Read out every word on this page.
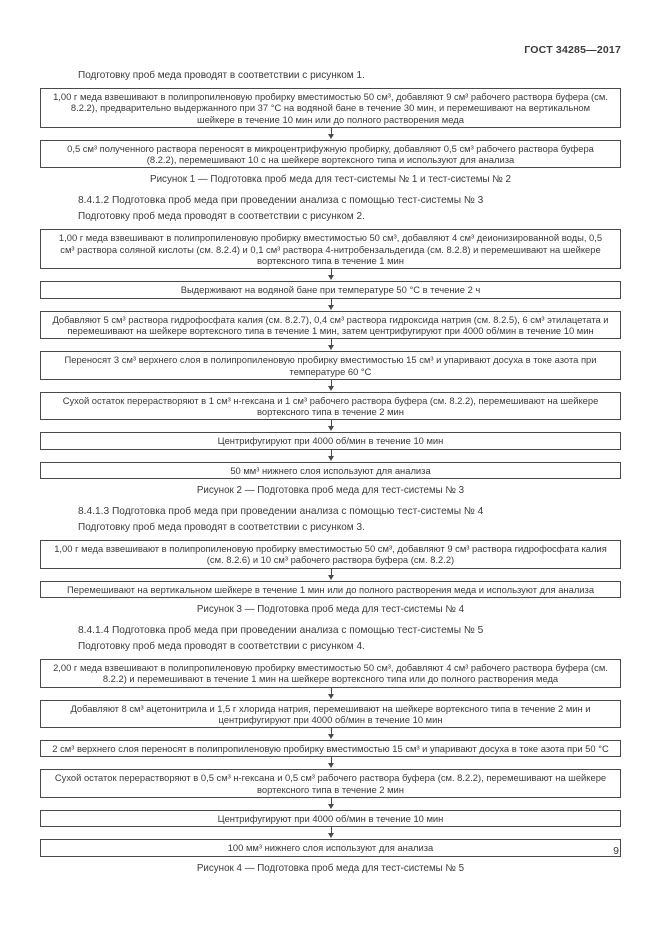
ГОСТ 34285—2017

Подготовку проб меда проводят в соответствии с рисунком 1.

1,00 г меда взвешивают в полипропиленовую пробирку вместимостью 50 см³, добавляют 9 см³ рабочего раствора буфера (см. 8.2.2), предварительно выдержанного при 37 °С на водяной бане в течение 30 мин, и перемешивают на вертикальном шейкере в течение 10 мин или до полного растворения меда
0,5 см³ полученного раствора переносят в микроцентрифужную пробирку, добавляют 0,5 см³ рабочего раствора буфера (8.2.2), перемешивают 10 с на шейкере вортексного типа и используют для анализа

Рисунок 1 — Подготовка проб меда для тест-системы № 1 и тест-системы № 2

8.4.1.2 Подготовка проб меда при проведении анализа с помощью тест-системы № 3

Подготовку проб меда проводят в соответствии с рисунком 2.

1,00 г меда взвешивают в полипропиленовую пробирку вместимостью 50 см³, добавляют 4 см³ деионизированной воды, 0,5 см³ раствора соляной кислоты (см. 8.2.4) и 0,1 см³ раствора 4-нитробензальдегида (см. 8.2.8) и перемешивают на шейкере вортексного типа в течение 1 мин
Выдерживают на водяной бане при температуре 50 °С в течение 2 ч
Добавляют 5 см³ раствора гидрофосфата калия (см. 8.2.7), 0,4 см³ раствора гидроксида натрия (см. 8.2.5), 6 см³ этилацетата и перемешивают на шейкере вортексного типа в течение 1 мин, затем центрифугируют при 4000 об/мин в течение 10 мин
Переносят 3 см³ верхнего слоя в полипропиленовую пробирку вместимостью 15 см³ и упаривают досуха в токе азота при температуре 60 °С
Сухой остаток перерастворяют в 1 см³ н-гексана и 1 см³ рабочего раствора буфера (см. 8.2.2), перемешивают на шейкере вортексного типа в течение 2 мин
Центрифугируют при 4000 об/мин в течение 10 мин
50 мм³ нижнего слоя используют для анализа

Рисунок 2 — Подготовка проб меда для тест-системы № 3

8.4.1.3 Подготовка проб меда при проведении анализа с помощью тест-системы № 4

Подготовку проб меда проводят в соответствии с рисунком 3.

1,00 г меда взвешивают в полипропиленовую пробирку вместимостью 50 см³, добавляют 9 см³ раствора гидрофосфата калия (см. 8.2.6) и 10 см³ рабочего раствора буфера (см. 8.2.2)
Перемешивают на вертикальном шейкере в течение 1 мин или до полного растворения меда и используют для анализа

Рисунок 3 — Подготовка проб меда для тест-системы № 4

8.4.1.4 Подготовка проб меда при проведении анализа с помощью тест-системы № 5

Подготовку проб меда проводят в соответствии с рисунком 4.

2,00 г меда взвешивают в полипропиленовую пробирку вместимостью 50 см³, добавляют 4 см³ рабочего раствора буфера (см. 8.2.2) и перемешивают в течение 1 мин на шейкере вортексного типа или до полного растворения меда
Добавляют 8 см³ ацетонитрила и 1,5 г хлорида натрия, перемешивают на шейкере вортексного типа в течение 2 мин и центрифугируют при 4000 об/мин в течение 10 мин
2 см³ верхнего слоя переносят в полипропиленовую пробирку вместимостью 15 см³ и упаривают досуха в токе азота при 50 °С
Сухой остаток перерастворяют в 0,5 см³ н-гексана и 0,5 см³ рабочего раствора буфера (см. 8.2.2), перемешивают на шейкере вортексного типа в течение 2 мин
Центрифугируют при 4000 об/мин в течение 10 мин
100 мм³ нижнего слоя используют для анализа

Рисунок 4 — Подготовка проб меда для тест-системы № 5

9
